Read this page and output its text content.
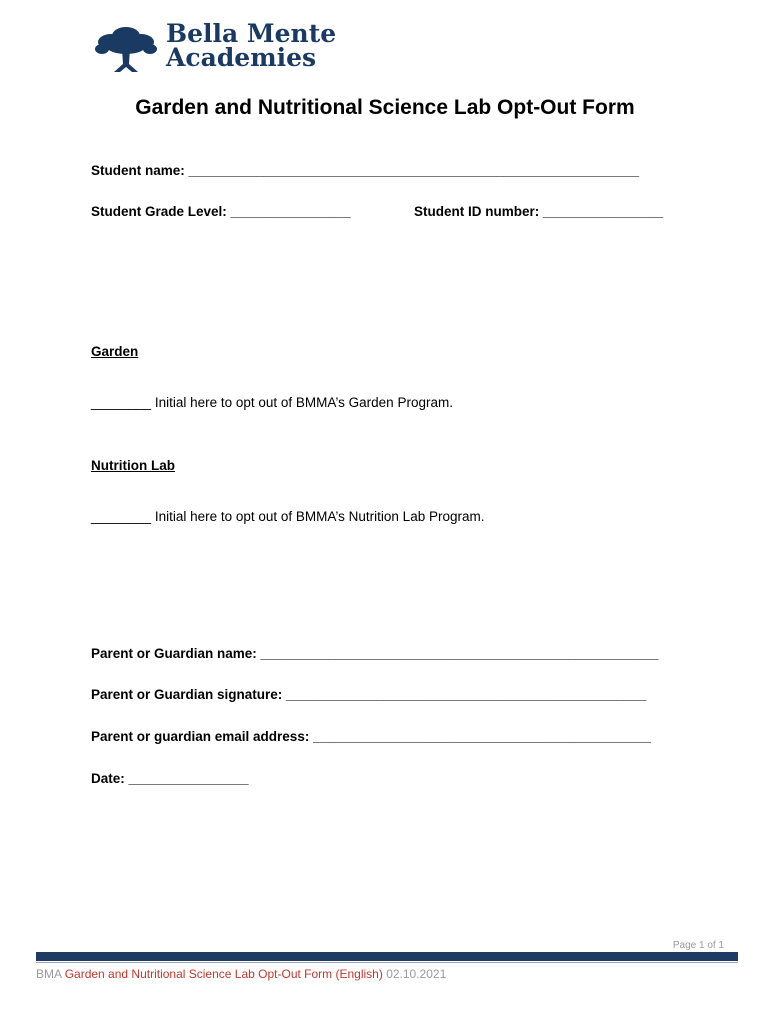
Bella Mente
Academies
Garden and Nutritional Science Lab Opt-Out Form
Student name: ____________________________________________________________
Student Grade Level: ________________	Student ID number: ________________
Garden
________ Initial here to opt out of BMMA’s Garden Program.
Nutrition Lab
________ Initial here to opt out of BMMA’s Nutrition Lab Program.
Parent or Guardian name: _____________________________________________________
Parent or Guardian signature: ________________________________________________
Parent or guardian email address: _____________________________________________
Date: ________________
Page 1 of 1
BMA Garden and Nutritional Science Lab Opt-Out Form (English) 02.10.2021
